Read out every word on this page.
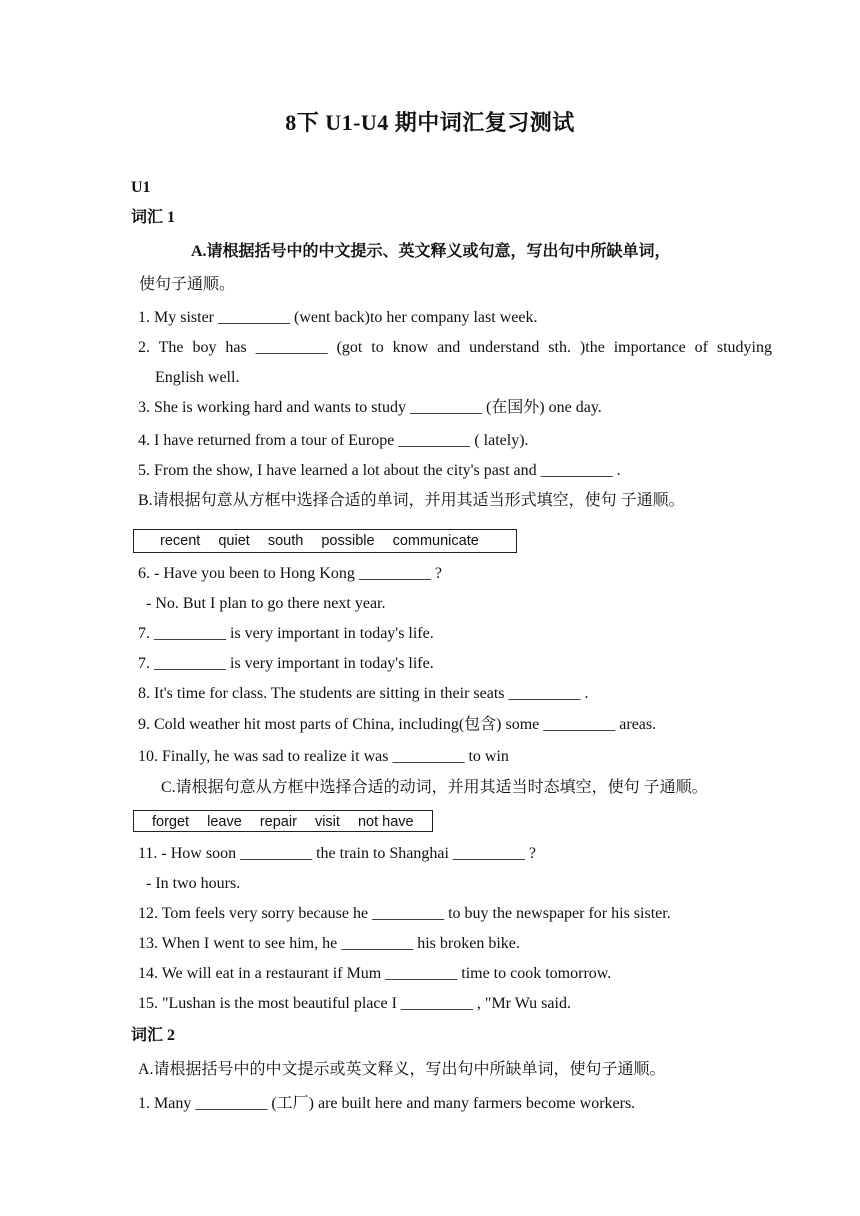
8下 U1-U4 期中词汇复习测试
U1
词汇 1
A.请根据括号中的中文提示、英文释义或句意，写出句中所缺单词，
使句子通顺。
1. My sister _________ (went back)to her company last week.
2. The boy has _________ (got to know and understand sth. )the importance of studying
English well.
3. She is working hard and wants to study _________ (在国外) one day.
4. I have returned from a tour of Europe _________ ( lately).
5. From the show, I have learned a lot about the city's past and _________ .
B.请根据句意从方框中选择合适的单词，并用其适当形式填空，使句 子通顺。
recent quiet south possible communicate
6. - Have you been to Hong Kong _________ ?
- No. But I plan to go there next year.
7. _________ is very important in today's life.
7. _________ is very important in today's life.
8. It's time for class. The students are sitting in their seats _________ .
9. Cold weather hit most parts of China, including(包含) some _________ areas.
10. Finally, he was sad to realize it was _________ to win
C.请根据句意从方框中选择合适的动词，并用其适当时态填空，使句 子通顺。
forget leave repair visit not have
11. - How soon _________ the train to Shanghai _________ ?
- In two hours.
12. Tom feels very sorry because he _________ to buy the newspaper for his sister.
13. When I went to see him, he _________ his broken bike.
14. We will eat in a restaurant if Mum _________ time to cook tomorrow.
15. "Lushan is the most beautiful place I _________ , "Mr Wu said.
词汇 2
A.请根据括号中的中文提示或英文释义，写出句中所缺单词，使句子通顺。
1. Many _________ (工厂) are built here and many farmers become workers.
